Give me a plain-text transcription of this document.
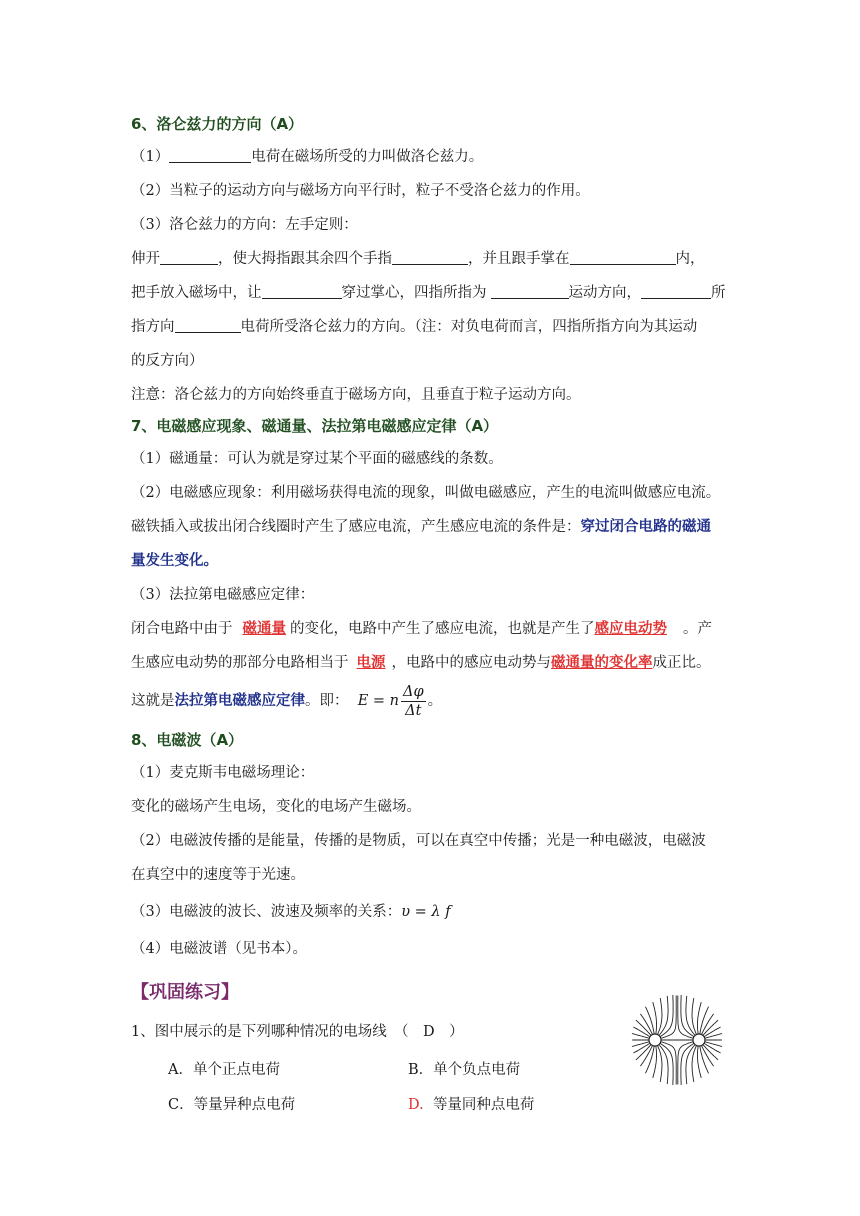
6、洛仑兹力的方向（A）
（1）	电荷在磁场所受的力叫做洛仑兹力。
（2）当粒子的运动方向与磁场方向平行时，粒子不受洛仑兹力的作用。
（3）洛仑兹力的方向：左手定则：
伸开	，使大拇指跟其余四个手指	，并且跟手掌在	内，
把手放入磁场中，让	穿过掌心，四指所指为	运动方向，	所
指方向	电荷所受洛仑兹力的方向。（注：对负电荷而言，四指所指方向为其运动
的反方向）
注意：洛仑兹力的方向始终垂直于磁场方向，且垂直于粒子运动方向。
7、电磁感应现象、磁通量、法拉第电磁感应定律（A）
（1）磁通量：可认为就是穿过某个平面的磁感线的条数。
（2）电磁感应现象：利用磁场获得电流的现象，叫做电磁感应，产生的电流叫做感应电流。
磁铁插入或拔出闭合线圈时产生了感应电流，产生感应电流的条件是：穿过闭合电路的磁通
量发生变化。
（3）法拉第电磁感应定律：
闭合电路中由于 磁通量 的变化，电路中产生了感应电流，也就是产生了感应电动势 。产
生感应电动势的那部分电路相当于 电源 ，电路中的感应电动势与磁通量的变化率成正比。
这就是法拉第电磁感应定律。即： E = n $\frac{\Delta\varphi}{\Delta t}$ 。
8、电磁波（A）
（1）麦克斯韦电磁场理论：
变化的磁场产生电场，变化的电场产生磁场。
（2）电磁波传播的是能量，传播的是物质，可以在真空中传播；光是一种电磁波，电磁波
在真空中的速度等于光速。
（3）电磁波的波长、波速及频率的关系：υ = λ f
（4）电磁波谱（见书本）。
【巩固练习】
1、图中展示的是下列哪种情况的电场线　（　D　）
A．单个正点电荷	B．单个负点电荷
C．等量异种点电荷	D. 等量同种点电荷
